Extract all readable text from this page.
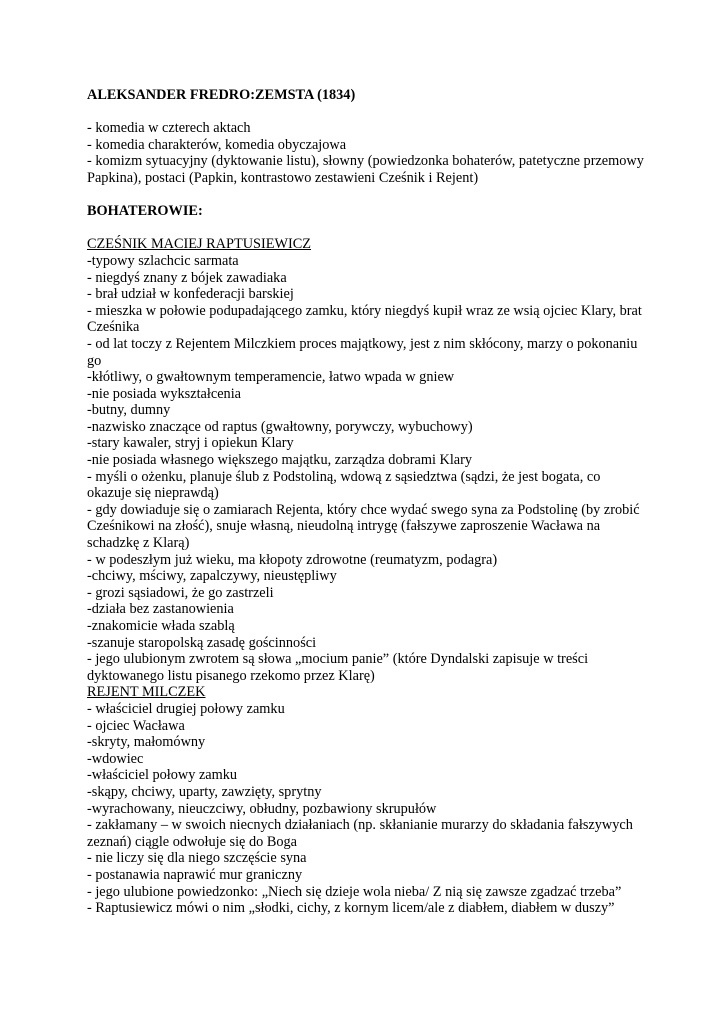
ALEKSANDER FREDRO:ZEMSTA (1834)

- komedia w czterech aktach

- komedia charakterów, komedia obyczajowa

- komizm sytuacyjny (dyktowanie listu), słowny (powiedzonka bohaterów, patetyczne przemowy Papkina), postaci (Papkin, kontrastowo zestawieni Cześnik i Rejent)

BOHATEROWIE:

CZEŚNIK MACIEJ RAPTUSIEWICZ

-typowy szlachcic sarmata

- niegdyś znany z bójek zawadiaka

- brał udział w konfederacji barskiej

- mieszka w połowie podupadającego zamku, który niegdyś kupił wraz ze wsią ojciec Klary, brat Cześnika

- od lat toczy z Rejentem Milczkiem proces majątkowy, jest z nim skłócony, marzy o pokonaniu go

-kłótliwy, o gwałtownym temperamencie, łatwo wpada w gniew

-nie posiada wykształcenia

-butny, dumny

-nazwisko znaczące od raptus (gwałtowny, porywczy, wybuchowy)

-stary kawaler, stryj i opiekun Klary

-nie posiada własnego większego majątku, zarządza dobrami Klary

- myśli o ożenku, planuje ślub z Podstoliną, wdową z sąsiedztwa (sądzi, że jest bogata, co okazuje się nieprawdą)

- gdy dowiaduje się o zamiarach Rejenta, który chce wydać swego syna za Podstolinę (by zrobić Cześnikowi na złość), snuje własną, nieudolną intrygę (fałszywe zaproszenie Wacława na schadzkę z Klarą)

- w podeszłym już wieku, ma kłopoty zdrowotne (reumatyzm, podagra)

-chciwy, mściwy, zapalczywy, nieustępliwy

- grozi sąsiadowi, że go zastrzeli

-działa bez zastanowienia

-znakomicie włada szablą

-szanuje staropolską zasadę gościnności

- jego ulubionym zwrotem są słowa „mocium panie” (które Dyndalski zapisuje w treści dyktowanego listu pisanego rzekomo przez Klarę)

REJENT MILCZEK

- właściciel drugiej połowy zamku

- ojciec Wacława

-skryty, małomówny

-wdowiec

-właściciel połowy zamku

-skąpy, chciwy, uparty, zawzięty, sprytny

-wyrachowany, nieuczciwy, obłudny, pozbawiony skrupułów

- zakłamany – w swoich niecnych działaniach (np. skłanianie murarzy do składania fałszywych zeznań) ciągle odwołuje się do Boga

- nie liczy się dla niego szczęście syna

- postanawia naprawić mur graniczny

- jego ulubione powiedzonko: „Niech się dzieje wola nieba/ Z nią się zawsze zgadzać trzeba”

- Raptusiewicz mówi o nim „słodki, cichy, z kornym licem/ale z diabłem, diabłem w duszy”
